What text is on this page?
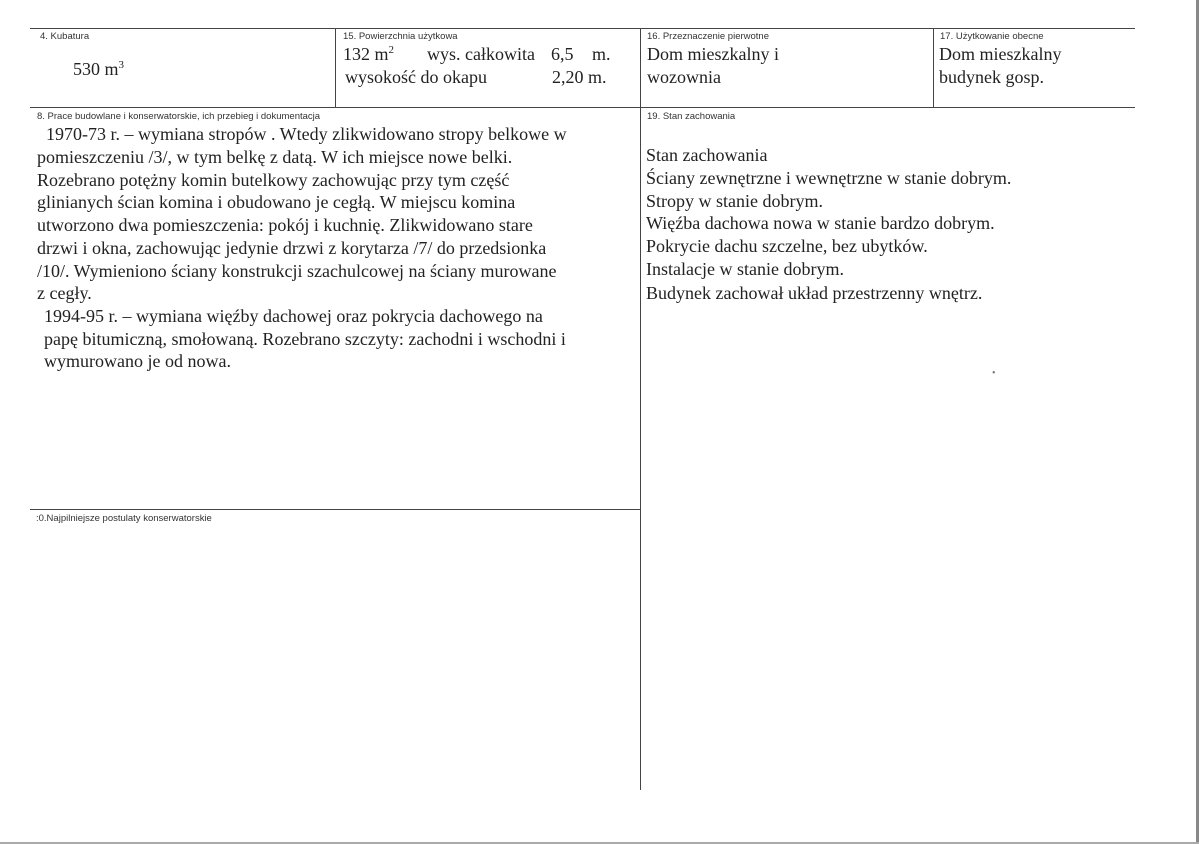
4. Kubatura
530 $m^3$
15. Powierzchnia użytkowa
132 $m^2$ wys. całkowita 6,5 m.
wysokość do okapu	2,20 m.
16. Przeznaczenie pierwotne
Dom mieszkalny i
wozownia
17. Użytkowanie obecne
Dom mieszkalny
budynek gosp.
8. Prace budowlane i konserwatorskie, ich przebieg i dokumentacja
1970-73 r. – wymiana stropów . Wtedy zlikwidowano stropy belkowe w
pomieszczeniu /3/, w tym belkę z datą. W ich miejsce nowe belki.
Rozebrano potężny komin butelkowy zachowując przy tym część
glinianych ścian komina i obudowano je cegłą. W miejscu komina
utworzono dwa pomieszczenia: pokój i kuchnię. Zlikwidowano stare
drzwi i okna, zachowując jedynie drzwi z korytarza /7/ do przedsionka
/10/. Wymieniono ściany konstrukcji szachulcowej na ściany murowane
z cegły.
1994-95 r. – wymiana więźby dachowej oraz pokrycia dachowego na
papę bitumiczną, smołowaną. Rozebrano szczyty: zachodni i wschodni i
wymurowano je od nowa.
19. Stan zachowania
Stan zachowania
Ściany zewnętrzne i wewnętrzne w stanie dobrym.
Stropy w stanie dobrym.
Więźba dachowa nowa w stanie bardzo dobrym.
Pokrycie dachu szczelne, bez ubytków.
Instalacje w stanie dobrym.
Budynek zachował układ przestrzenny wnętrz.
:0.Najpilniejsze postulaty konserwatorskie
•
